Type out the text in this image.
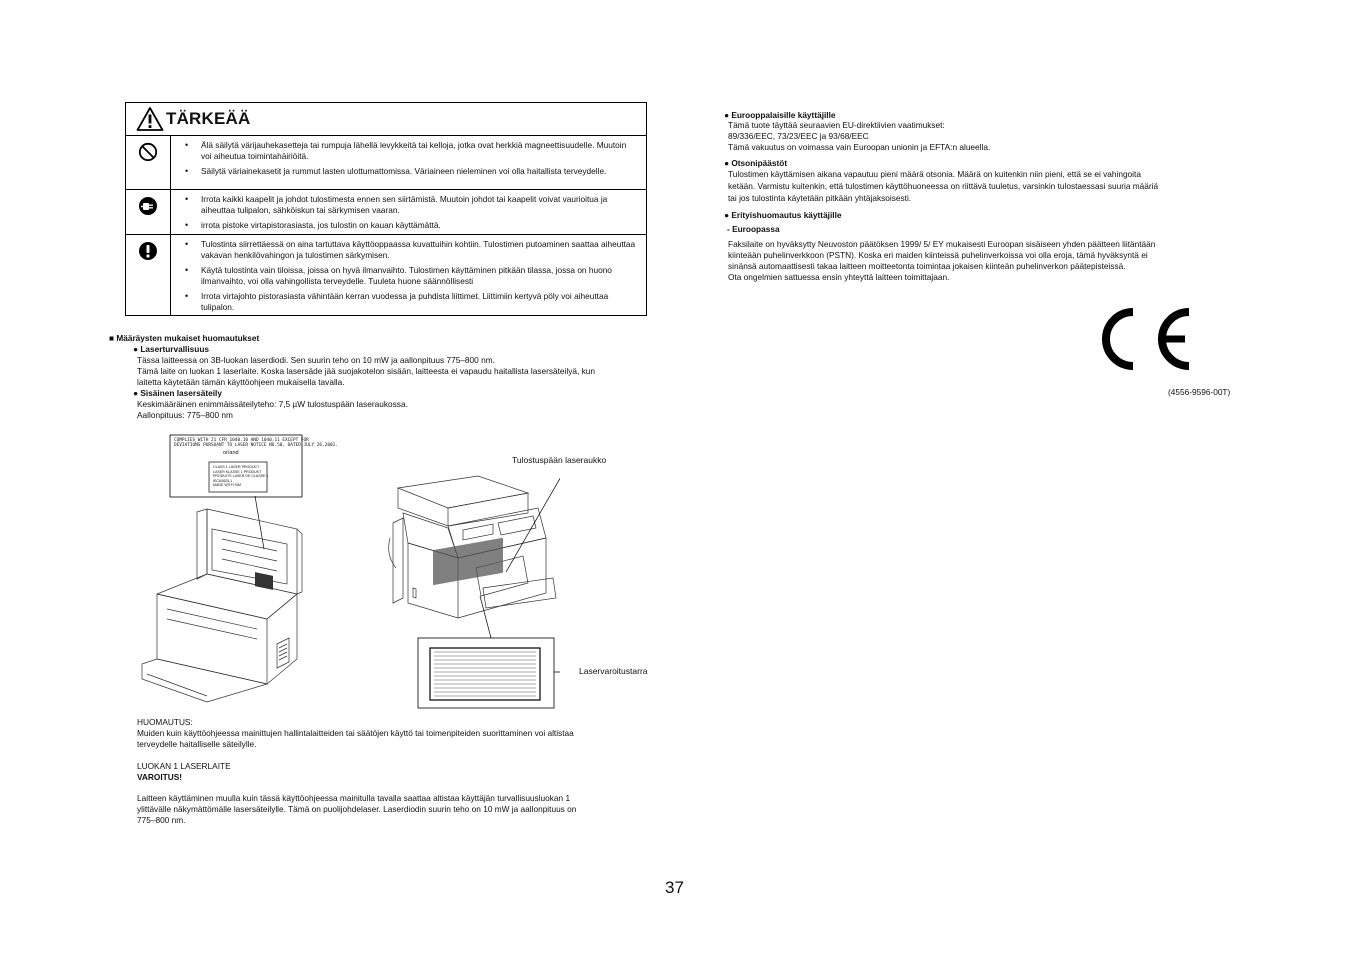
TÄRKEÄÄ
• Älä säilytä värijauhekasetteja tai rumpuja lähellä levykkeitä tai kelloja, jotka ovat herkkiä magneettisuudelle. Muutoin voi aiheutua toimintahäiriöitä.
• Säilytä väriainekasetit ja rummut lasten ulottumattomissa. Väriaineen nieleminen voi olla haitallista terveydelle.
• Irrota kaikki kaapelit ja johdot tulostimesta ennen sen siirtämistä. Muutoin johdot tai kaapelit voivat vaurioitua ja aiheuttaa tulipalon, sähköiskun tai särkymisen vaaran.
• irrota pistoke virtapistorasiasta, jos tulostin on kauan käyttämättä.
• Tulostinta siirrettäessä on aina tartuttava käyttöoppaassa kuvattuihin kohtiin. Tulostimen putoaminen saattaa aiheuttaa vakavan henkilövahingon ja tulostimen särkymisen.
• Käytä tulostinta vain tiloissa, joissa on hyvä ilmanvaihto. Tulostimen käyttäminen pitkään tilassa, jossa on huono ilmanvaihto, voi olla vahingollista terveydelle. Tuuleta huone säännöllisesti
• Irrota virtajohto pistorasiasta vähintään kerran vuodessa ja puhdista liittimet. Liittimiin kertyvä pöly voi aiheuttaa tulipalon.
■ Määräysten mukaiset huomautukset
● Laserturvallisuus
Tässa laitteessa on 3B-luokan laserdiodi. Sen suurin teho on 10 mW ja aallonpituus 775–800 nm.
Tämä laite on luokan 1 laserlaite. Koska lasersäde jää suojakotelon sisään, laitteesta ei vapaudu haitallista lasersäteilyä, kun
laitetta käytetään tämän käyttöohjeen mukaisella tavalla.
● Sisäinen lasersäteily
Keskimääräinen enimmäissäteilyteho: 7,5 µW tulostuspään laseraukossa.
Aallonpituus: 775–800 nm
COMPLIES WITH 21 CFR 1040.10 AND 1040.11 EXCEPT FOR
DEVIATIONS PURSUANT TO LASER NOTICE NO.50, DATED JULY 26,2001.
or/and
CLASS 1 LASER PRODUCT
LASER KLASSE 1 PRODUKT
PRODUITS LASER DE CLASSE 1
IEC60825-1
MADE WITH SIM
Tulostuspään laseraukko
Laservaroitustarra
HUOMAUTUS:
Muiden kuin käyttöohjeessa mainittujen hallintalaitteiden tai säätöjen käyttö tai toimenpiteiden suorittaminen voi altistaa
terveydelle haitalliselle säteilylle.
LUOKAN 1 LASERLAITE
VAROITUS!
Laitteen käyttäminen muulla kuin tässä käyttöohjeessa mainitulla tavalla saattaa altistaa käyttäjän turvallisuusluokan 1
ylittävälle näkymättömälle lasersäteilylle. Tämä on puolijohdelaser. Laserdiodin suurin teho on 10 mW ja aallonpituus on
775–800 nm.
● Eurooppalaisille käyttäjille
Tämä tuote täyttää seuraavien EU-direktiivien vaatimukset:
89/336/EEC, 73/23/EEC ja 93/68/EEC
Tämä vakuutus on voimassa vain Euroopan unionin ja EFTA:n alueella.
● Otsonipäästöt
Tulostimen käyttämisen aikana vapautuu pieni määrä otsonia. Määrä on kuitenkin niin pieni, että se ei vahingoita
ketään. Varmistu kuitenkin, että tulostimen käyttöhuoneessa on riittävä tuuletus, varsinkin tulostaessasi suuria määriä
tai jos tulostinta käytetään pitkään yhtäjaksoisesti.
● Erityishuomautus käyttäjille
- Euroopassa
Faksilaite on hyväksytty Neuvoston päätöksen 1999/ 5/ EY mukaisesti Euroopan sisäiseen yhden päätteen liitäntään
kiinteään puhelinverkkoon (PSTN). Koska eri maiden kiinteissä puhelinverkoissa voi olla eroja, tämä hyväksyntä ei
sinänsä automaattisesti takaa laitteen moitteetonta toimintaa jokaisen kiinteän puhelinverkon päätepisteissä.
Ota ongelmien sattuessa ensin yhteyttä laitteen toimittajaan.
(4556-9596-00T)
37
